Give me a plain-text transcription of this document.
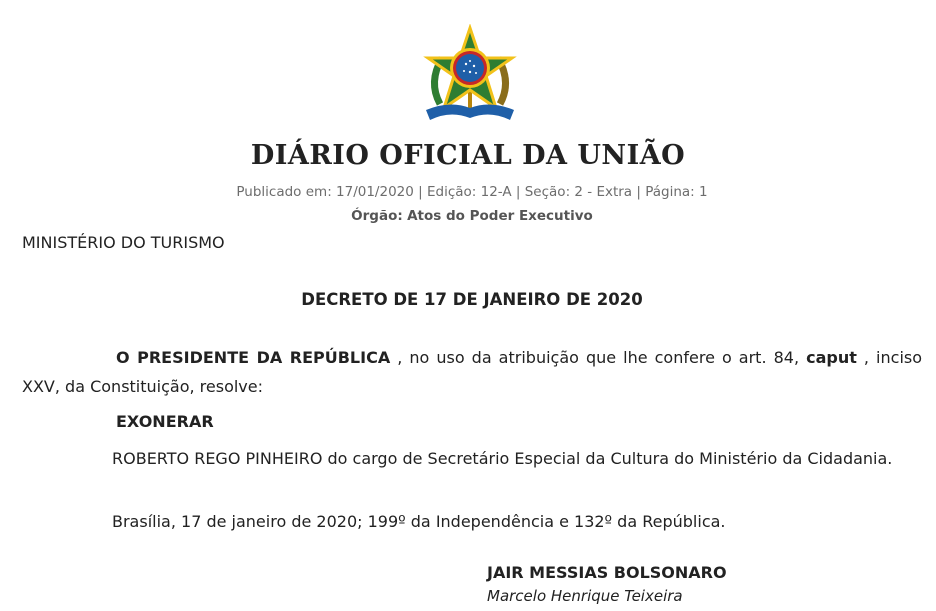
DIÁRIO OFICIAL DA UNIÃO
Publicado em: 17/01/2020 | Edição: 12-A | Seção: 2 - Extra | Página: 1
Órgão: Atos do Poder Executivo
MINISTÉRIO DO TURISMO
DECRETO DE 17 DE JANEIRO DE 2020
O PRESIDENTE DA REPÚBLICA , no uso da atribuição que lhe confere o art. 84, caput , inciso XXV, da Constituição, resolve:
EXONERAR
ROBERTO REGO PINHEIRO do cargo de Secretário Especial da Cultura do Ministério da Cidadania.
Brasília, 17 de janeiro de 2020; 199º da Independência e 132º da República.
JAIR MESSIAS BOLSONARO
Marcelo Henrique Teixeira
